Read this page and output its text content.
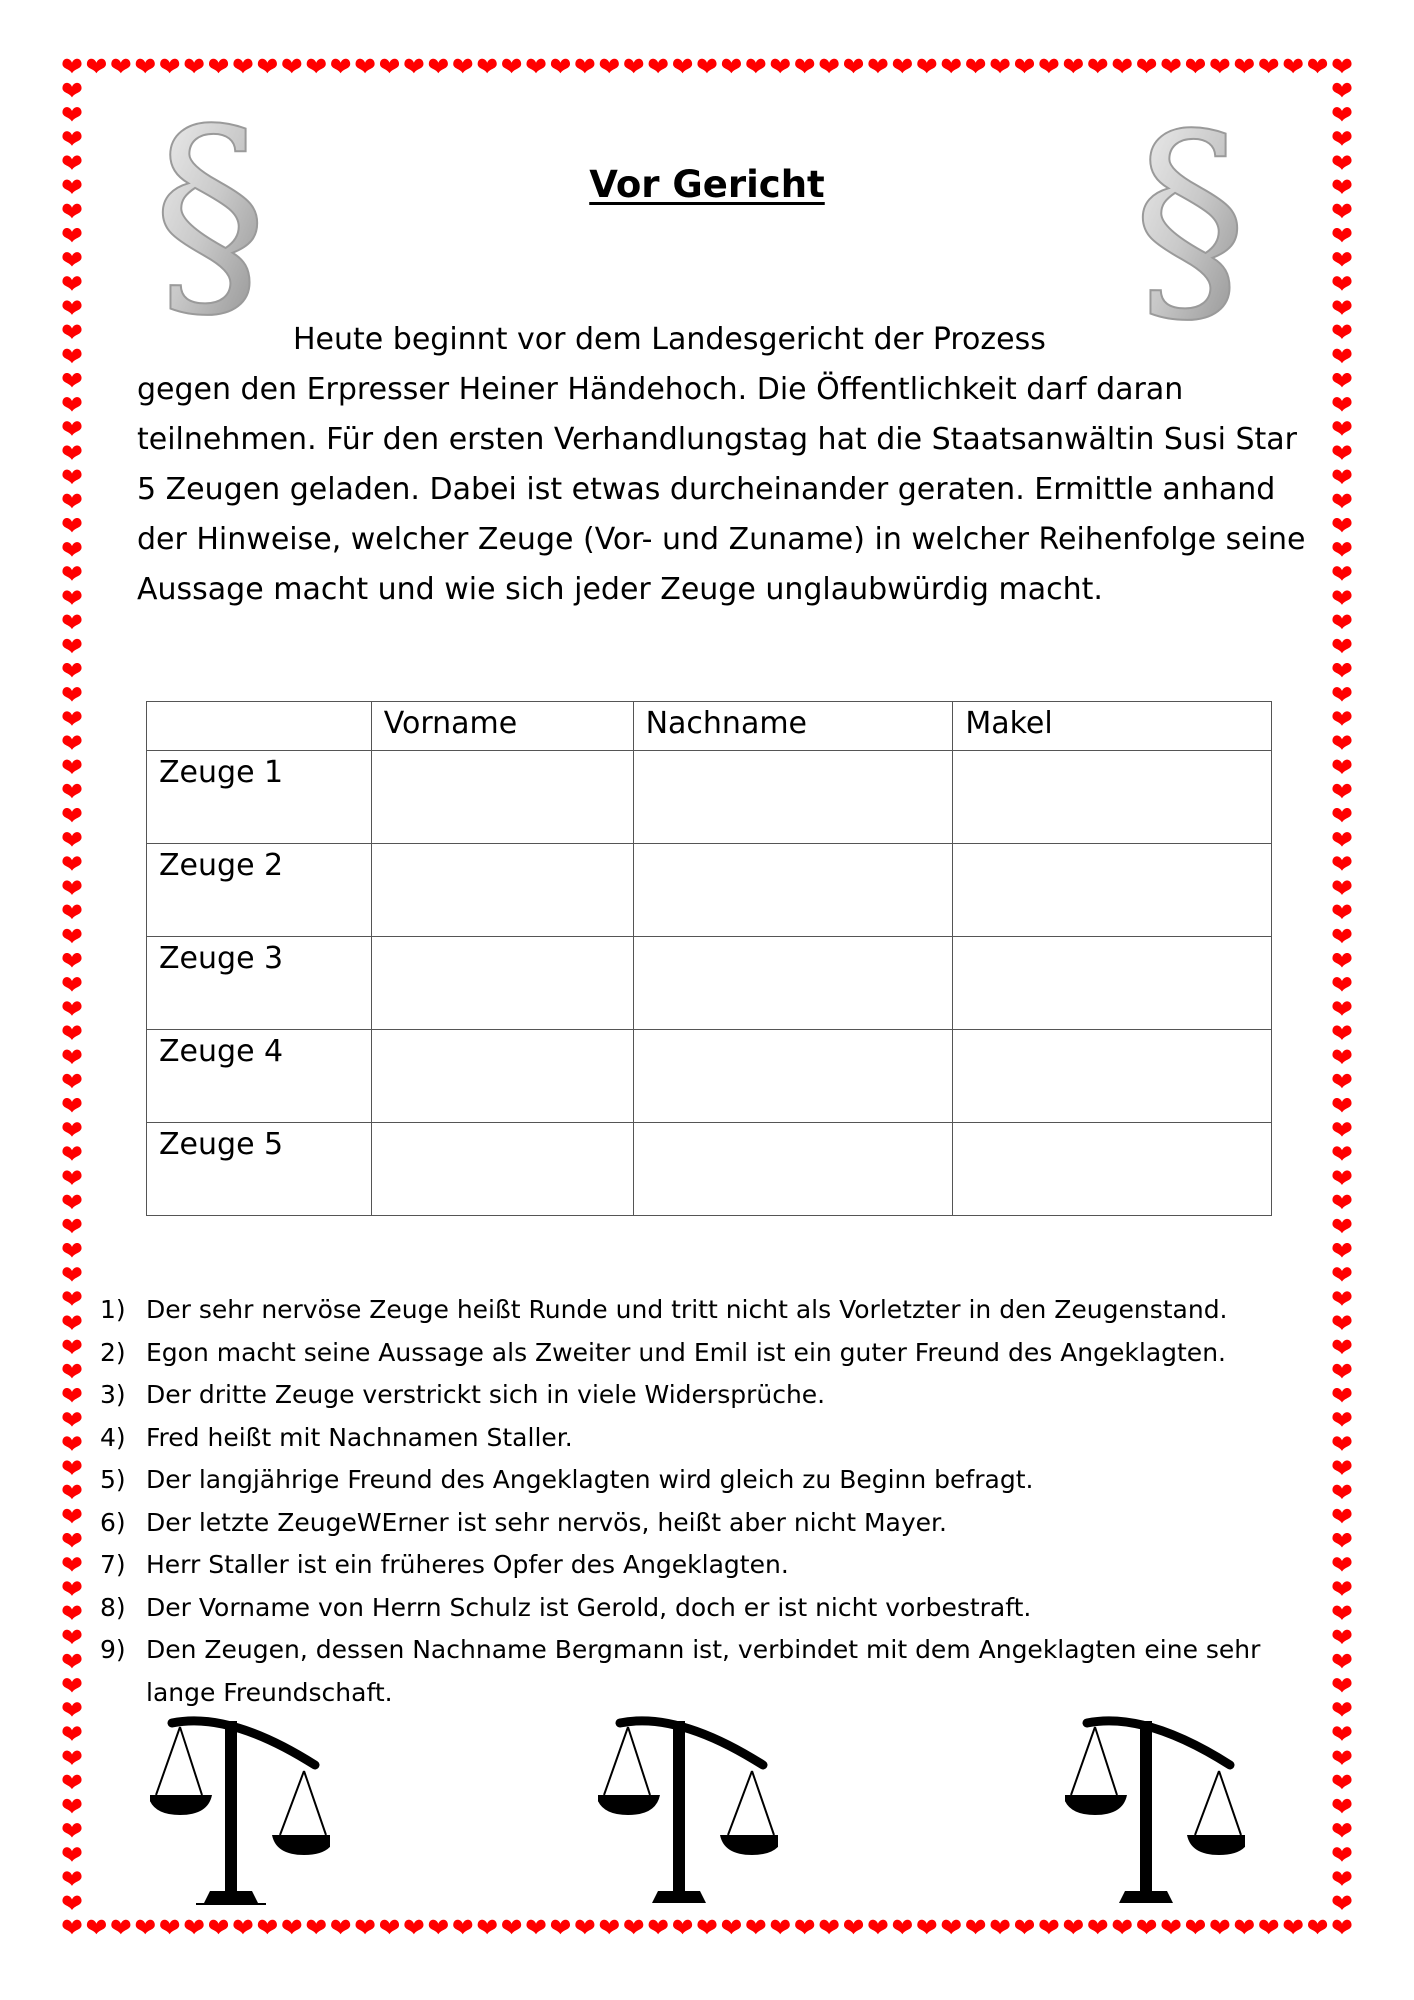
§	§
Vor Gericht
Heute beginnt vor dem Landesgericht der Prozess
gegen den Erpresser Heiner Händehoch. Die Öffentlichkeit darf daran teilnehmen. Für den ersten Verhandlungstag hat die Staatsanwältin Susi Star 5 Zeugen geladen. Dabei ist etwas durcheinander geraten. Ermittle anhand der Hinweise, welcher Zeuge (Vor- und Zuname) in welcher Reihenfolge seine Aussage macht und wie sich jeder Zeuge unglaubwürdig macht.
	Vorname	Nachname	Makel
Zeuge 1			
Zeuge 2			
Zeuge 3			
Zeuge 4			
Zeuge 5			
1) Der sehr nervöse Zeuge heißt Runde und tritt nicht als Vorletzter in den Zeugenstand.
2) Egon macht seine Aussage als Zweiter und Emil ist ein guter Freund des Angeklagten.
3) Der dritte Zeuge verstrickt sich in viele Widersprüche.
4) Fred heißt mit Nachnamen Staller.
5) Der langjährige Freund des Angeklagten wird gleich zu Beginn befragt.
6) Der letzte ZeugeWErner ist sehr nervös, heißt aber nicht Mayer.
7) Herr Staller ist ein früheres Opfer des Angeklagten.
8) Der Vorname von Herrn Schulz ist Gerold, doch er ist nicht vorbestraft.
9) Den Zeugen, dessen Nachname Bergmann ist, verbindet mit dem Angeklagten eine sehr lange Freundschaft.
